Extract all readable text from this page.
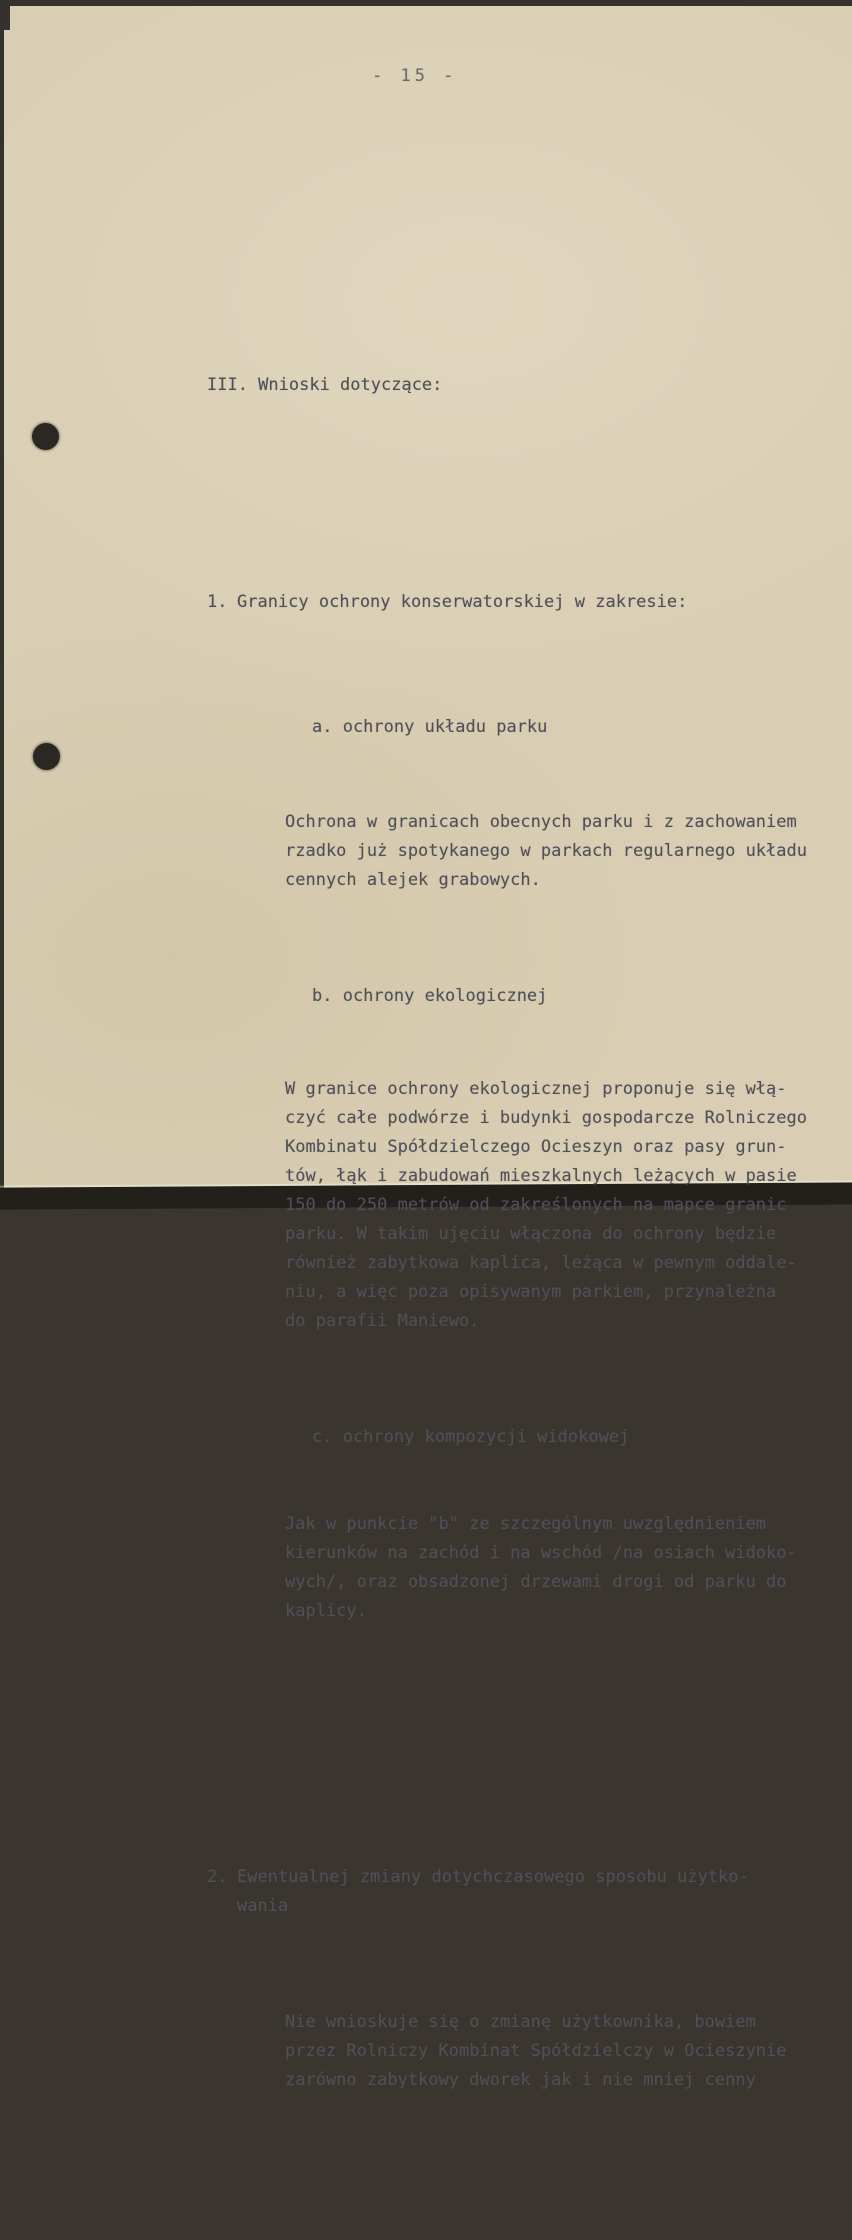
- 15 -

III. Wnioski dotyczące:

1. Granicy ochrony konserwatorskiej w zakresie:

a. ochrony układu parku

Ochrona w granicach obecnych parku i z zachowaniem
rzadko już spotykanego w parkach regularnego układu
cennych alejek grabowych.

b. ochrony ekologicznej

W granice ochrony ekologicznej proponuje się włą-
czyć całe podwórze i budynki gospodarcze Rolniczego
Kombinatu Spółdzielczego Ocieszyn oraz pasy grun-
tów, łąk i zabudowań mieszkalnych leżących w pasie
150 do 250 metrów od zakreślonych na mapce granic
parku. W takim ujęciu włączona do ochrony będzie
również zabytkowa kaplica, leżąca w pewnym oddale-
niu, a więc poza opisywanym parkiem, przynależna
do parafii Maniewo.

c. ochrony kompozycji widokowej

Jak w punkcie "b" ze szczególnym uwzględnieniem
kierunków na zachód i na wschód /na osiach widoko-
wych/, oraz obsadzonej drzewami drogi od parku do
kaplicy.

2. Ewentualnej zmiany dotychczasowego sposobu użytko-
wania

Nie wnioskuje się o zmianę użytkownika, bowiem
przez Rolniczy Kombinat Spółdzielczy w Ocieszynie
zarówno zabytkowy dworek jak i nie mniej cenny
